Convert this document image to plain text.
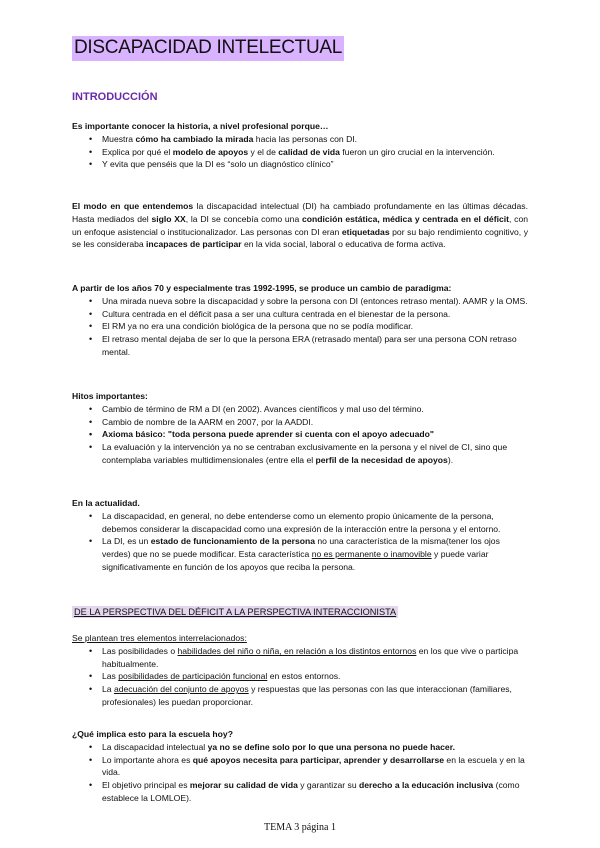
DISCAPACIDAD INTELECTUAL
INTRODUCCIÓN

Es importante conocer la historia, a nivel profesional porque…

• Muestra cómo ha cambiado la mirada hacia las personas con DI.
• Explica por qué el modelo de apoyos y el de calidad de vida fueron un giro crucial en la intervención.
• Y evita que penséis que la DI es “solo un diagnóstico clínico”

El modo en que entendemos la discapacidad intelectual (DI) ha cambiado profundamente en las últimas décadas. Hasta mediados del siglo XX, la DI se concebía como una condición estática, médica y centrada en el déficit, con un enfoque asistencial o institucionalizador. Las personas con DI eran etiquetadas por su bajo rendimiento cognitivo, y se les consideraba incapaces de participar en la vida social, laboral o educativa de forma activa.

A partir de los años 70 y especialmente tras 1992-1995, se produce un cambio de paradigma:

• Una mirada nueva sobre la discapacidad y sobre la persona con DI (entonces retraso mental). AAMR y la OMS.
• Cultura centrada en el déficit pasa a ser una cultura centrada en el bienestar de la persona.
• El RM ya no era una condición biológica de la persona que no se podía modificar.
• El retraso mental dejaba de ser lo que la persona ERA (retrasado mental) para ser una persona CON retraso mental.

Hitos importantes:

• Cambio de término de RM a DI (en 2002). Avances científicos y mal uso del término.
• Cambio de nombre de la AARM en 2007, por la AADDI.
• Axioma básico: "toda persona puede aprender si cuenta con el apoyo adecuado"
• La evaluación y la intervención ya no se centraban exclusivamente en la persona y el nivel de CI, sino que contemplaba variables multidimensionales (entre ella el perfil de la necesidad de apoyos).

En la actualidad.

• La discapacidad, en general, no debe entenderse como un elemento propio únicamente de la persona, debemos considerar la discapacidad como una expresión de la interacción entre la persona y el entorno.
• La DI, es un estado de funcionamiento de la persona no una característica de la misma(tener los ojos verdes) que no se puede modificar. Esta característica no es permanente o inamovible y puede variar significativamente en función de los apoyos que reciba la persona.
DE LA PERSPECTIVA DEL DÉFICIT A LA PERSPECTIVA INTERACCIONISTA

Se plantean tres elementos interrelacionados:

• Las posibilidades o habilidades del niño o niña, en relación a los distintos entornos en los que vive o participa habitualmente.
• Las posibilidades de participación funcional en estos entornos.
• La adecuación del conjunto de apoyos y respuestas que las personas con las que interaccionan (familiares, profesionales) les puedan proporcionar.

¿Qué implica esto para la escuela hoy?

• La discapacidad intelectual ya no se define solo por lo que una persona no puede hacer.
• Lo importante ahora es qué apoyos necesita para participar, aprender y desarrollarse en la escuela y en la vida.
• El objetivo principal es mejorar su calidad de vida y garantizar su derecho a la educación inclusiva (como establece la LOMLOE).
TEMA 3 página 1
